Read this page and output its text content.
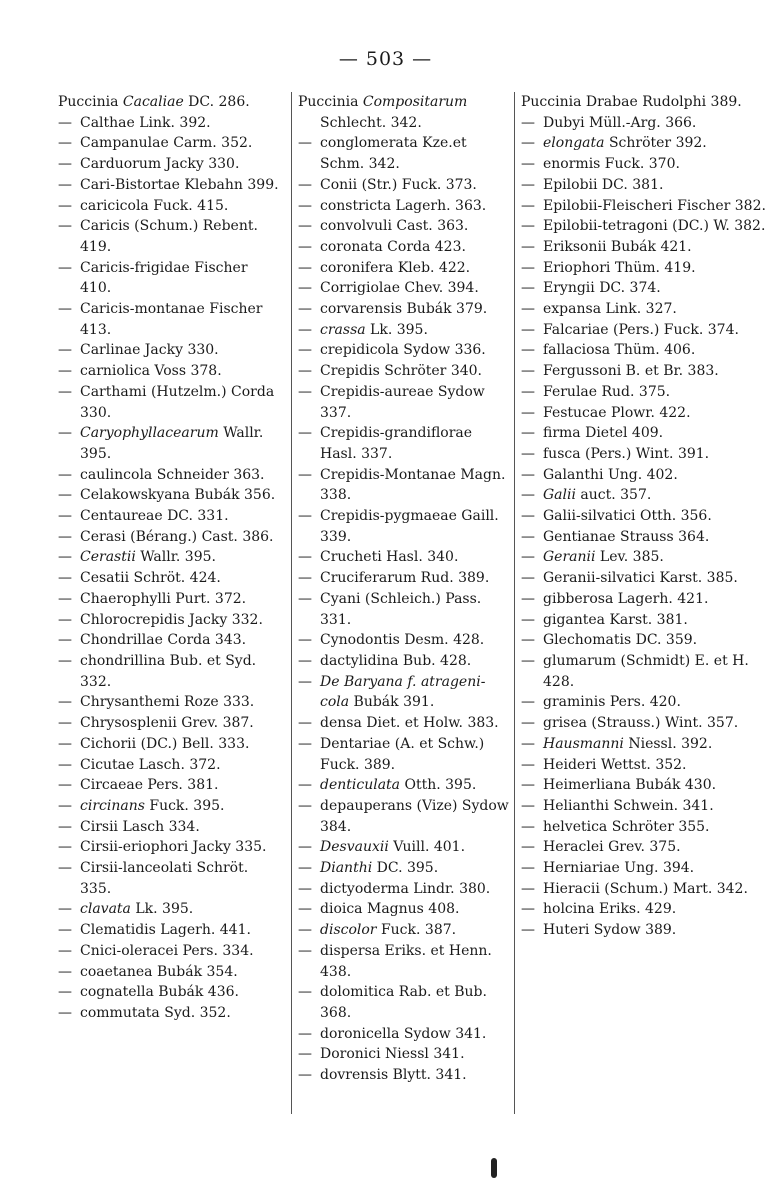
— 503 —

Puccinia Cacaliae DC. 286.

— Calthae Link. 392.

— Campanulae Carm. 352.

— Carduorum Jacky 330.

— Cari-Bistortae Klebahn 399.

— caricicola Fuck. 415.

— Caricis (Schum.) Rebent. 419.

— Caricis-frigidae Fischer 410.

— Caricis-montanae Fischer 413.

— Carlinae Jacky 330.

— carniolica Voss 378.

— Carthami (Hutzelm.) Corda 330.

— Caryophyllacearum Wallr. 395.

— caulincola Schneider 363.

— Celakowskyana Bubák 356.

— Centaureae DC. 331.

— Cerasi (Bérang.) Cast. 386.

— Cerastii Wallr. 395.

— Cesatii Schröt. 424.

— Chaerophylli Purt. 372.

— Chlorocrepidis Jacky 332.

— Chondrillae Corda 343.

— chondrillina Bub. et Syd. 332.

— Chrysanthemi Roze 333.

— Chrysosplenii Grev. 387.

— Cichorii (DC.) Bell. 333.

— Cicutae Lasch. 372.

— Circaeae Pers. 381.

— circinans Fuck. 395.

— Cirsii Lasch 334.

— Cirsii-eriophori Jacky 335.

— Cirsii-lanceolati Schröt. 335.

— clavata Lk. 395.

— Clematidis Lagerh. 441.

— Cnici-oleracei Pers. 334.

— coaetanea Bubák 354.

— cognatella Bubák 436.

— commutata Syd. 352.

Puccinia Compositarum Schlecht. 342.

— conglomerata Kze.et Schm. 342.

— Conii (Str.) Fuck. 373.

— constricta Lagerh. 363.

— convolvuli Cast. 363.

— coronata Corda 423.

— coronifera Kleb. 422.

— Corrigiolae Chev. 394.

— corvarensis Bubák 379.

— crassa Lk. 395.

— crepidicola Sydow 336.

— Crepidis Schröter 340.

— Crepidis-aureae Sydow 337.

— Crepidis-grandiflorae Hasl. 337.

— Crepidis-Montanae Magn. 338.

— Crepidis-pygmaeae Gaill. 339.

— Crucheti Hasl. 340.

— Cruciferarum Rud. 389.

— Cyani (Schleich.) Pass. 331.

— Cynodontis Desm. 428.

— dactylidina Bub. 428.

— De Baryana f. atrageni-cola Bubák 391.

— densa Diet. et Holw. 383.

— Dentariae (A. et Schw.) Fuck. 389.

— denticulata Otth. 395.

— depauperans (Vize) Sydow 384.

— Desvauxii Vuill. 401.

— Dianthi DC. 395.

— dictyoderma Lindr. 380.

— dioica Magnus 408.

— discolor Fuck. 387.

— dispersa Eriks. et Henn. 438.

— dolomitica Rab. et Bub. 368.

— doronicella Sydow 341.

— Doronici Niessl 341.

— dovrensis Blytt. 341.

Puccinia Drabae Rudolphi 389.

— Dubyi Müll.-Arg. 366.

— elongata Schröter 392.

— enormis Fuck. 370.

— Epilobii DC. 381.

— Epilobii-Fleischeri Fischer 382.

— Epilobii-tetragoni (DC.) W. 382.

— Eriksonii Bubák 421.

— Eriophori Thüm. 419.

— Eryngii DC. 374.

— expansa Link. 327.

— Falcariae (Pers.) Fuck. 374.

— fallaciosa Thüm. 406.

— Fergussoni B. et Br. 383.

— Ferulae Rud. 375.

— Festucae Plowr. 422.

— firma Dietel 409.

— fusca (Pers.) Wint. 391.

— Galanthi Ung. 402.

— Galii auct. 357.

— Galii-silvatici Otth. 356.

— Gentianae Strauss 364.

— Geranii Lev. 385.

— Geranii-silvatici Karst. 385.

— gibberosa Lagerh. 421.

— gigantea Karst. 381.

— Glechomatis DC. 359.

— glumarum (Schmidt) E. et H. 428.

— graminis Pers. 420.

— grisea (Strauss.) Wint. 357.

— Hausmanni Niessl. 392.

— Heideri Wettst. 352.

— Heimerliana Bubák 430.

— Helianthi Schwein. 341.

— helvetica Schröter 355.

— Heraclei Grev. 375.

— Herniariae Ung. 394.

— Hieracii (Schum.) Mart. 342.

— holcina Eriks. 429.

— Huteri Sydow 389.
